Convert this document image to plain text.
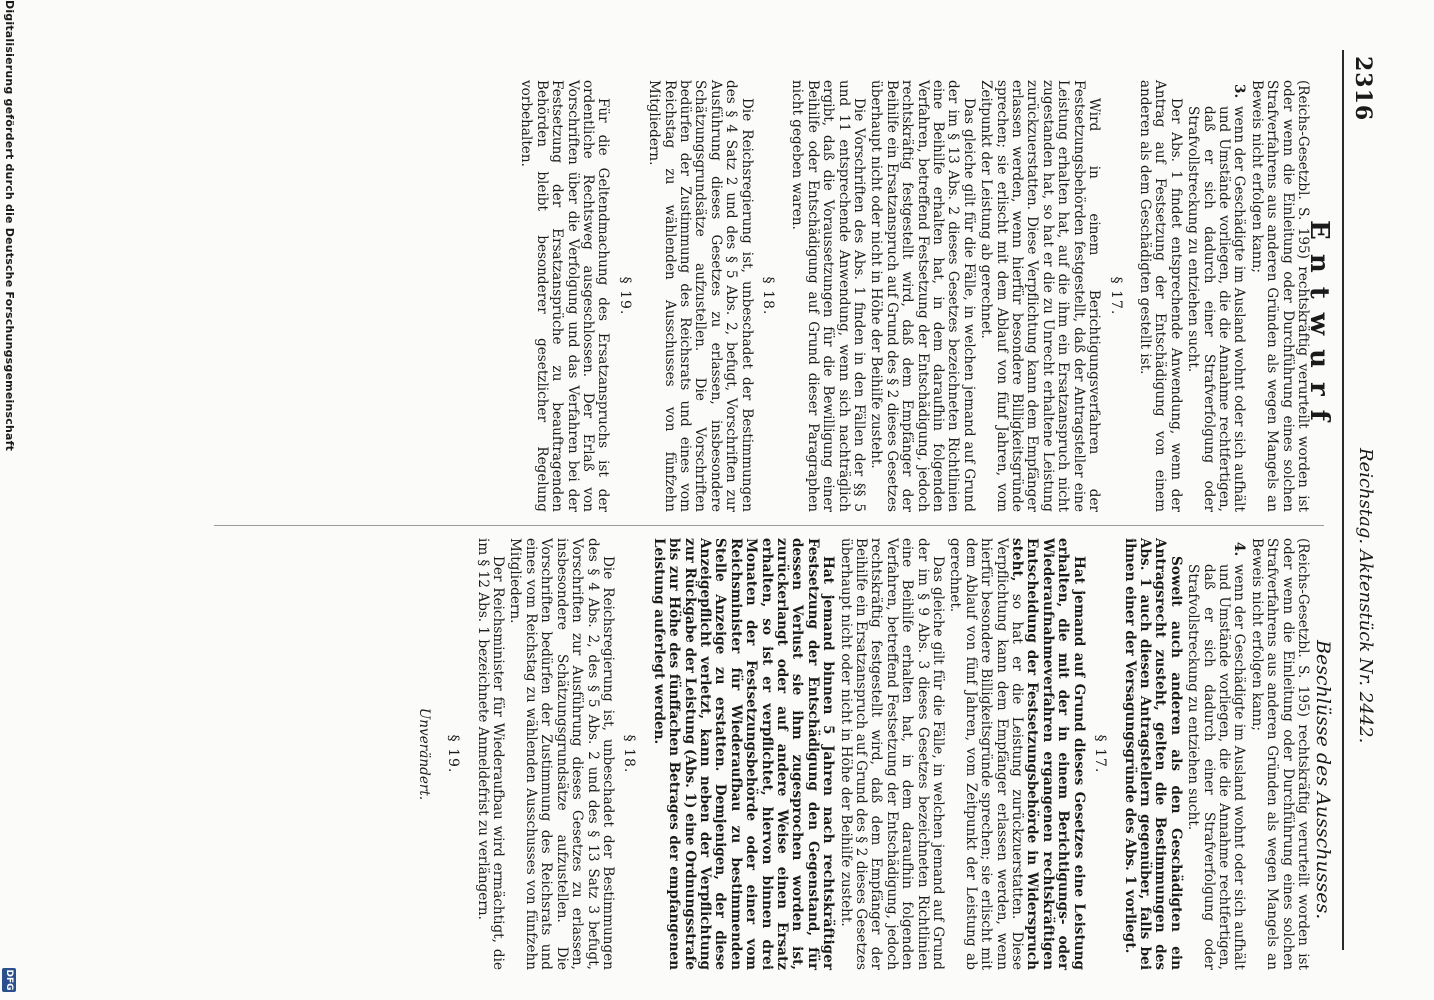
2316
Reichstag. Aktenstück Nr. 2442.
Entwurf
Beschlüsse des Ausschusses.

(Reichs-Gesetzbl. S. 195) rechtskräftig verurteilt worden ist oder wenn die Einleitung oder Durchführung eines solchen Strafverfahrens aus anderen Gründen als wegen Mangels an Beweis nicht erfolgen kann;

3.
wenn der Geschädigte im Ausland wohnt oder sich aufhält und Umstände vorliegen, die die Annahme rechtfertigen, daß er sich dadurch einer Strafverfolgung oder Strafvollstreckung zu entziehen sucht.

Der Abs. 1 findet entsprechende Anwendung, wenn der Antrag auf Festsetzung der Entschädigung von einem anderen als dem Geschädigten gestellt ist.

§ 17.

Wird in einem Berichtigungsverfahren der Festsetzungsbehörden festgestellt, daß der Antragsteller eine Leistung erhalten hat, auf die ihm ein Ersatzanspruch nicht zugestanden hat, so hat er die zu Unrecht erhaltene Leistung zurückzuerstatten. Diese Verpflichtung kann dem Empfänger erlassen werden, wenn hierfür besondere Billigkeitsgründe sprechen; sie erlischt mit dem Ablauf von fünf Jahren, vom Zeitpunkt der Leistung ab gerechnet.

Das gleiche gilt für die Fälle, in welchen jemand auf Grund der im § 13 Abs. 2 dieses Gesetzes bezeichneten Richtlinien eine Beihilfe erhalten hat, in dem daraufhin folgenden Verfahren, betreffend Festsetzung der Entschädigung, jedoch rechtskräftig festgestellt wird, daß dem Empfänger der Beihilfe ein Ersatzanspruch auf Grund des § 2 dieses Gesetzes überhaupt nicht oder nicht in Höhe der Beihilfe zusteht.

Die Vorschriften des Abs. 1 finden in den Fällen der §§ 5 und 11 entsprechende Anwendung, wenn sich nachträglich ergibt, daß die Voraussetzungen für die Bewilligung einer Beihilfe oder Entschädigung auf Grund dieser Paragraphen nicht gegeben waren.

§ 18.

Die Reichsregierung ist, unbeschadet der Bestimmungen des § 4 Satz 2 und des § 5 Abs. 2, befugt, Vorschriften zur Ausführung dieses Gesetzes zu erlassen, insbesondere Schätzungsgrundsätze aufzustellen. Die Vorschriften bedürfen der Zustimmung des Reichsrats und eines vom Reichstag zu wählenden Ausschusses von fünfzehn Mitgliedern.

§ 19.

Für die Geltendmachung des Ersatzanspruchs ist der ordentliche Rechtsweg ausgeschlossen. Der Erlaß von Vorschriften über die Verfolgung und das Verfahren bei der Festsetzung der Ersatzansprüche zu beauftragenden Behörden bleibt besonderer gesetzlicher Regelung vorbehalten.

(Reichs-Gesetzbl. S. 195) rechtskräftig verurteilt worden ist oder wenn die Einleitung oder Durchführung eines solchen Strafverfahrens aus anderen Gründen als wegen Mangels an Beweis nicht erfolgen kann;

4.
wenn der Geschädigte im Ausland wohnt oder sich aufhält und Umstände vorliegen, die die Annahme rechtfertigen, daß er sich dadurch einer Strafverfolgung oder Strafvollstreckung zu entziehen sucht.

Soweit auch anderen als den Geschädigten ein Antragsrecht zusteht, gelten die Bestimmungen des Abs. 1 auch diesen Antragstellern gegenüber, falls bei ihnen einer der Versagungsgründe des Abs. 1 vorliegt.

§ 17.

Hat jemand auf Grund dieses Gesetzes eine Leistung erhalten, die mit der in einem Berichtigungs- oder Wiederaufnahmeverfahren ergangenen rechtskräftigen Entscheidung der Festsetzungsbehörde in Widerspruch steht, so hat er die Leistung zurückzuerstatten. Diese Verpflichtung kann dem Empfänger erlassen werden, wenn hierfür besondere Billigkeitsgründe sprechen; sie erlischt mit dem Ablauf von fünf Jahren, vom Zeitpunkt der Leistung ab gerechnet.

Das gleiche gilt für die Fälle, in welchen jemand auf Grund der im § 9 Abs. 3 dieses Gesetzes bezeichneten Richtlinien eine Beihilfe erhalten hat, in dem daraufhin folgenden Verfahren, betreffend Festsetzung der Entschädigung, jedoch rechtskräftig festgestellt wird, daß dem Empfänger der Beihilfe ein Ersatzanspruch auf Grund des § 2 dieses Gesetzes überhaupt nicht oder nicht in Höhe der Beihilfe zusteht.

Hat jemand binnen 5 Jahren nach rechtskräftiger Festsetzung der Entschädigung den Gegenstand, für dessen Verlust sie ihm zugesprochen worden ist, zurückerlangt oder auf andere Weise einen Ersatz erhalten, so ist er verpflichtet, hiervon binnen drei Monaten der Festsetzungsbehörde oder einer vom Reichsminister für Wiederaufbau zu bestimmenden Stelle Anzeige zu erstatten. Demjenigen, der diese Anzeigepflicht verletzt, kann neben der Verpflichtung zur Rückgabe der Leistung (Abs. 1) eine Ordnungsstrafe bis zur Höhe des fünffachen Betrages der empfangenen Leistung auferlegt werden.

§ 18.

Die Reichsregierung ist, unbeschadet der Bestimmungen des § 4 Abs. 2, des § 5 Abs. 2 und des § 13 Satz 3 befugt, Vorschriften zur Ausführung dieses Gesetzes zu erlassen, insbesondere Schätzungsgrundsätze aufzustellen. Die Vorschriften bedürfen der Zustimmung des Reichsrats und eines vom Reichstag zu wählenden Ausschusses von fünfzehn Mitgliedern.

Der Reichsminister für Wiederaufbau wird ermächtigt, die im § 12 Abs. 1 bezeichnete Anmeldefrist zu verlängern.

§ 19.
Unverändert.
Digitalisierung gefördert durch die Deutsche Forschungsgemeinschaft
DFG
